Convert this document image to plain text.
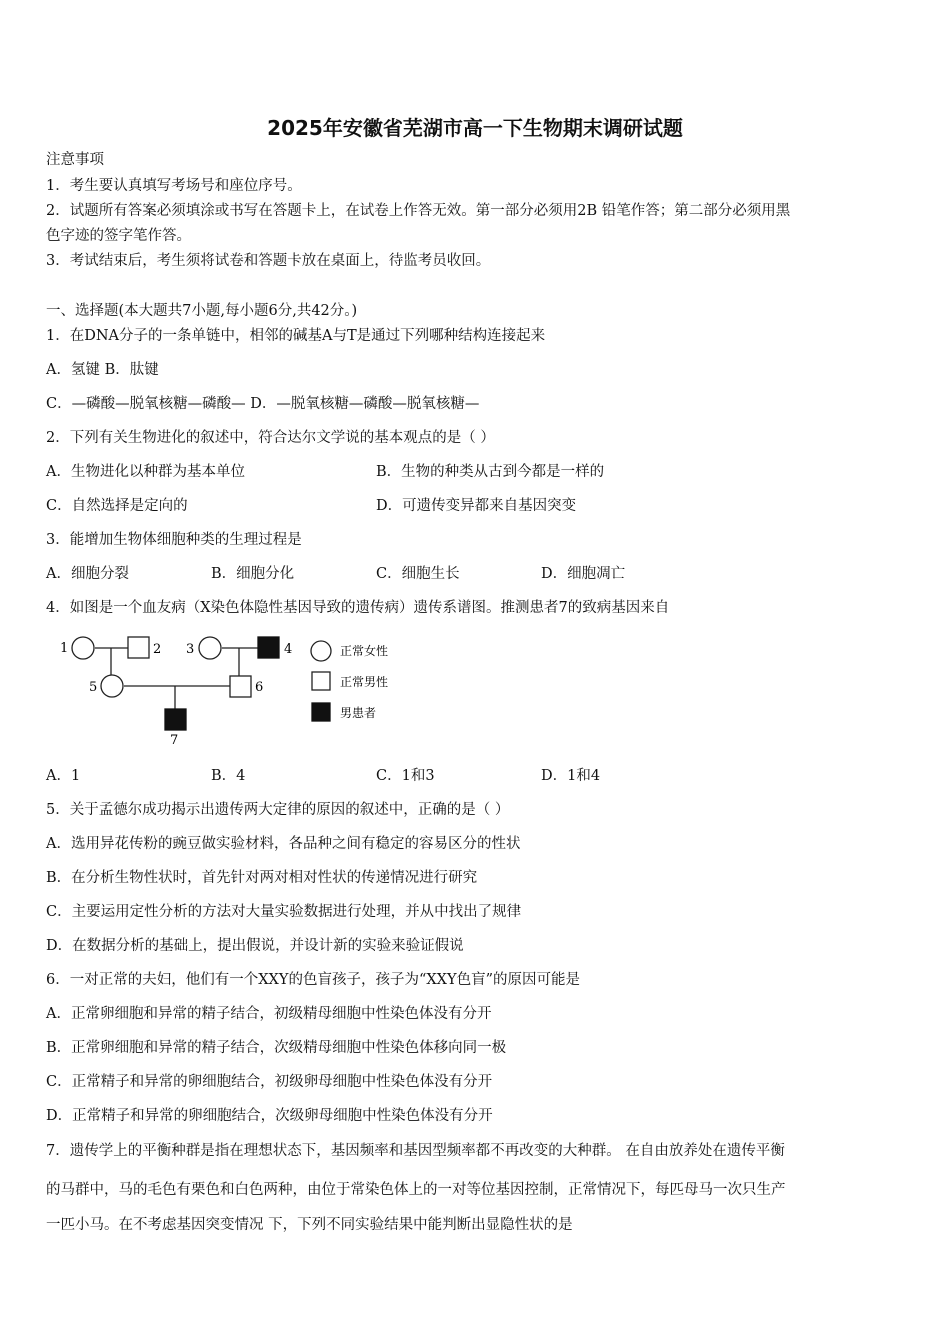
2025年安徽省芜湖市高一下生物期末调研试题
注意事项
1．考生要认真填写考场号和座位序号。
2．试题所有答案必须填涂或书写在答题卡上，在试卷上作答无效。第一部分必须用2B 铅笔作答；第二部分必须用黑
色字迹的签字笔作答。
3．考试结束后，考生须将试卷和答题卡放在桌面上，待监考员收回。
一、选择题(本大题共7小题,每小题6分,共42分。)
1．在DNA分子的一条单链中，相邻的碱基A与T是通过下列哪种结构连接起来
A．氢键 B．肽键
C．—磷酸—脱氧核糖—磷酸— D．—脱氧核糖—磷酸—脱氧核糖—
2．下列有关生物进化的叙述中，符合达尔文学说的基本观点的是（ ）
A．生物进化以种群为基本单位	B．生物的种类从古到今都是一样的
C．自然选择是定向的	D．可遗传变异都来自基因突变
3．能增加生物体细胞种类的生理过程是
A．细胞分裂	B．细胞分化	C．细胞生长	D．细胞凋亡
4．如图是一个血友病（X染色体隐性基因导致的遗传病）遗传系谱图。推测患者7的致病基因来自
1	2 3	4
5	6
7
正常女性
正常男性
男患者
A．1	B．4	C．1和3	D．1和4
5．关于孟德尔成功揭示出遗传两大定律的原因的叙述中，正确的是（ ）
A．选用异花传粉的豌豆做实验材料，各品种之间有稳定的容易区分的性状
B．在分析生物性状时，首先针对两对相对性状的传递情况进行研究
C．主要运用定性分析的方法对大量实验数据进行处理，并从中找出了规律
D．在数据分析的基础上，提出假说，并设计新的实验来验证假说
6．一对正常的夫妇，他们有一个XXY的色盲孩子，孩子为“XXY色盲”的原因可能是
A．正常卵细胞和异常的精子结合，初级精母细胞中性染色体没有分开
B．正常卵细胞和异常的精子结合，次级精母细胞中性染色体移向同一极
C．正常精子和异常的卵细胞结合，初级卵母细胞中性染色体没有分开
D．正常精子和异常的卵细胞结合，次级卵母细胞中性染色体没有分开
7．遗传学上的平衡种群是指在理想状态下，基因频率和基因型频率都不再改变的大种群。 在自由放养处在遗传平衡
的马群中，马的毛色有栗色和白色两种，由位于常染色体上的一对等位基因控制，正常情况下，每匹母马一次只生产
一匹小马。在不考虑基因突变情况 下，下列不同实验结果中能判断出显隐性状的是
